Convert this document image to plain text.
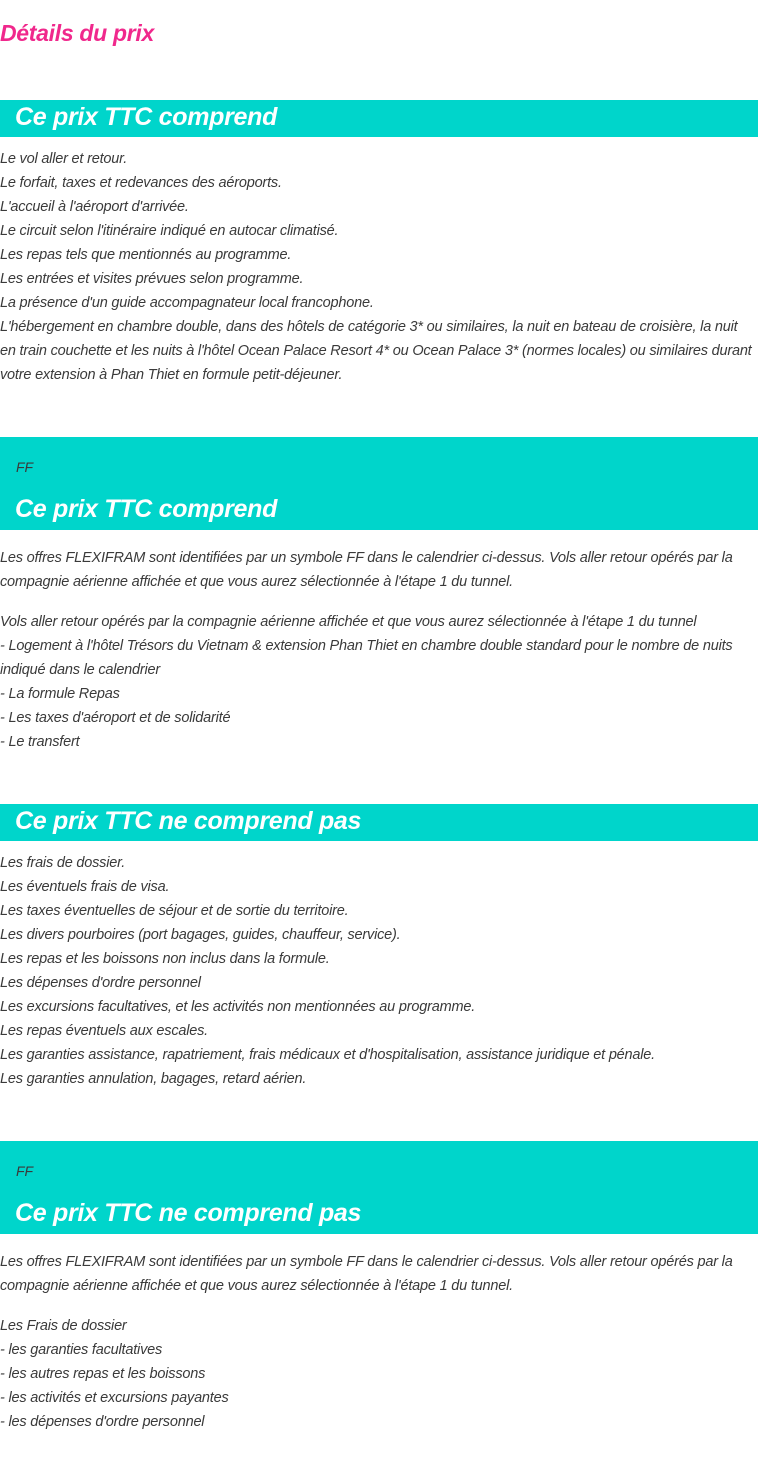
Détails du prix
Ce prix TTC comprend
Le vol aller et retour.
Le forfait, taxes et redevances des aéroports.
L'accueil à l'aéroport d'arrivée.
Le circuit selon l'itinéraire indiqué en autocar climatisé.
Les repas tels que mentionnés au programme.
Les entrées et visites prévues selon programme.
La présence d'un guide accompagnateur local francophone.
L'hébergement en chambre double, dans des hôtels de catégorie 3* ou similaires, la nuit en bateau de croisière, la nuit en train couchette et les nuits à l'hôtel Ocean Palace Resort 4* ou Ocean Palace 3* (normes locales) ou similaires durant votre extension à Phan Thiet en formule petit-déjeuner.
FF
Ce prix TTC comprend

Les offres FLEXIFRAM sont identifiées par un symbole FF dans le calendrier ci-dessus. Vols aller retour opérés par la compagnie aérienne affichée et que vous aurez sélectionnée à l'étape 1 du tunnel.

Vols aller retour opérés par la compagnie aérienne affichée et que vous aurez sélectionnée à l'étape 1 du tunnel
- Logement à l'hôtel Trésors du Vietnam & extension Phan Thiet en chambre double standard pour le nombre de nuits indiqué dans le calendrier
- La formule Repas
- Les taxes d'aéroport et de solidarité
- Le transfert
Ce prix TTC ne comprend pas
Les frais de dossier.
Les éventuels frais de visa.
Les taxes éventuelles de séjour et de sortie du territoire.
Les divers pourboires (port bagages, guides, chauffeur, service).
Les repas et les boissons non inclus dans la formule.
Les dépenses d'ordre personnel
Les excursions facultatives, et les activités non mentionnées au programme.
Les repas éventuels aux escales.
Les garanties assistance, rapatriement, frais médicaux et d'hospitalisation, assistance juridique et pénale.
Les garanties annulation, bagages, retard aérien.
FF
Ce prix TTC ne comprend pas

Les offres FLEXIFRAM sont identifiées par un symbole FF dans le calendrier ci-dessus. Vols aller retour opérés par la compagnie aérienne affichée et que vous aurez sélectionnée à l'étape 1 du tunnel.

Les Frais de dossier
- les garanties facultatives
- les autres repas et les boissons
- les activités et excursions payantes
- les dépenses d'ordre personnel
